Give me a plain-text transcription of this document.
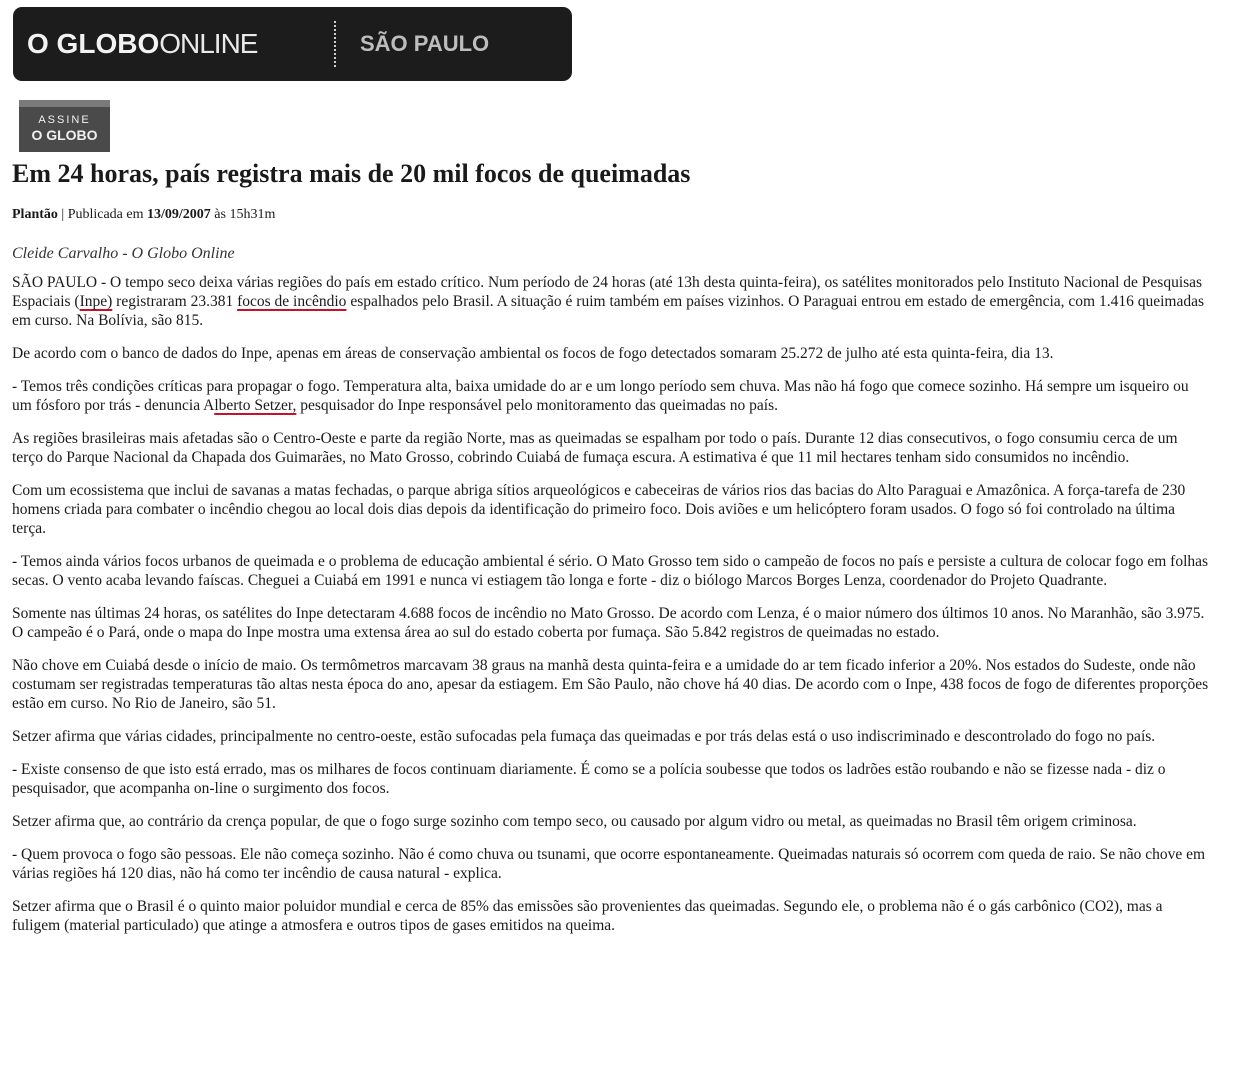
O GLOBOONLINE	SÃO PAULO
ASSINE
O GLOBO
Em 24 horas, país registra mais de 20 mil focos de queimadas
Plantão | Publicada em 13/09/2007 às 15h31m
Cleide Carvalho - O Globo Online

SÃO PAULO - O tempo seco deixa várias regiões do país em estado crítico. Num período de 24 horas (até 13h desta quinta-feira), os satélites monitorados pelo Instituto Nacional de Pesquisas Espaciais (Inpe) registraram 23.381 focos de incêndio espalhados pelo Brasil. A situação é ruim também em países vizinhos. O Paraguai entrou em estado de emergência, com 1.416 queimadas em curso. Na Bolívia, são 815.

De acordo com o banco de dados do Inpe, apenas em áreas de conservação ambiental os focos de fogo detectados somaram 25.272 de julho até esta quinta-feira, dia 13.

- Temos três condições críticas para propagar o fogo. Temperatura alta, baixa umidade do ar e um longo período sem chuva. Mas não há fogo que comece sozinho. Há sempre um isqueiro ou um fósforo por trás - denuncia Alberto Setzer, pesquisador do Inpe responsável pelo monitoramento das queimadas no país.

As regiões brasileiras mais afetadas são o Centro-Oeste e parte da região Norte, mas as queimadas se espalham por todo o país. Durante 12 dias consecutivos, o fogo consumiu cerca de um terço do Parque Nacional da Chapada dos Guimarães, no Mato Grosso, cobrindo Cuiabá de fumaça escura. A estimativa é que 11 mil hectares tenham sido consumidos no incêndio.

Com um ecossistema que inclui de savanas a matas fechadas, o parque abriga sítios arqueológicos e cabeceiras de vários rios das bacias do Alto Paraguai e Amazônica. A força-tarefa de 230 homens criada para combater o incêndio chegou ao local dois dias depois da identificação do primeiro foco. Dois aviões e um helicóptero foram usados. O fogo só foi controlado na última terça.

- Temos ainda vários focos urbanos de queimada e o problema de educação ambiental é sério. O Mato Grosso tem sido o campeão de focos no país e persiste a cultura de colocar fogo em folhas secas. O vento acaba levando faíscas. Cheguei a Cuiabá em 1991 e nunca vi estiagem tão longa e forte - diz o biólogo Marcos Borges Lenza, coordenador do Projeto Quadrante.

Somente nas últimas 24 horas, os satélites do Inpe detectaram 4.688 focos de incêndio no Mato Grosso. De acordo com Lenza, é o maior número dos últimos 10 anos. No Maranhão, são 3.975. O campeão é o Pará, onde o mapa do Inpe mostra uma extensa área ao sul do estado coberta por fumaça. São 5.842 registros de queimadas no estado.

Não chove em Cuiabá desde o início de maio. Os termômetros marcavam 38 graus na manhã desta quinta-feira e a umidade do ar tem ficado inferior a 20%. Nos estados do Sudeste, onde não costumam ser registradas temperaturas tão altas nesta época do ano, apesar da estiagem. Em São Paulo, não chove há 40 dias. De acordo com o Inpe, 438 focos de fogo de diferentes proporções estão em curso. No Rio de Janeiro, são 51.

Setzer afirma que várias cidades, principalmente no centro-oeste, estão sufocadas pela fumaça das queimadas e por trás delas está o uso indiscriminado e descontrolado do fogo no país.

- Existe consenso de que isto está errado, mas os milhares de focos continuam diariamente. É como se a polícia soubesse que todos os ladrões estão roubando e não se fizesse nada - diz o pesquisador, que acompanha on-line o surgimento dos focos.

Setzer afirma que, ao contrário da crença popular, de que o fogo surge sozinho com tempo seco, ou causado por algum vidro ou metal, as queimadas no Brasil têm origem criminosa.

- Quem provoca o fogo são pessoas. Ele não começa sozinho. Não é como chuva ou tsunami, que ocorre espontaneamente. Queimadas naturais só ocorrem com queda de raio. Se não chove em várias regiões há 120 dias, não há como ter incêndio de causa natural - explica.

Setzer afirma que o Brasil é o quinto maior poluidor mundial e cerca de 85% das emissões são provenientes das queimadas. Segundo ele, o problema não é o gás carbônico (CO2), mas a fuligem (material particulado) que atinge a atmosfera e outros tipos de gases emitidos na queima.
